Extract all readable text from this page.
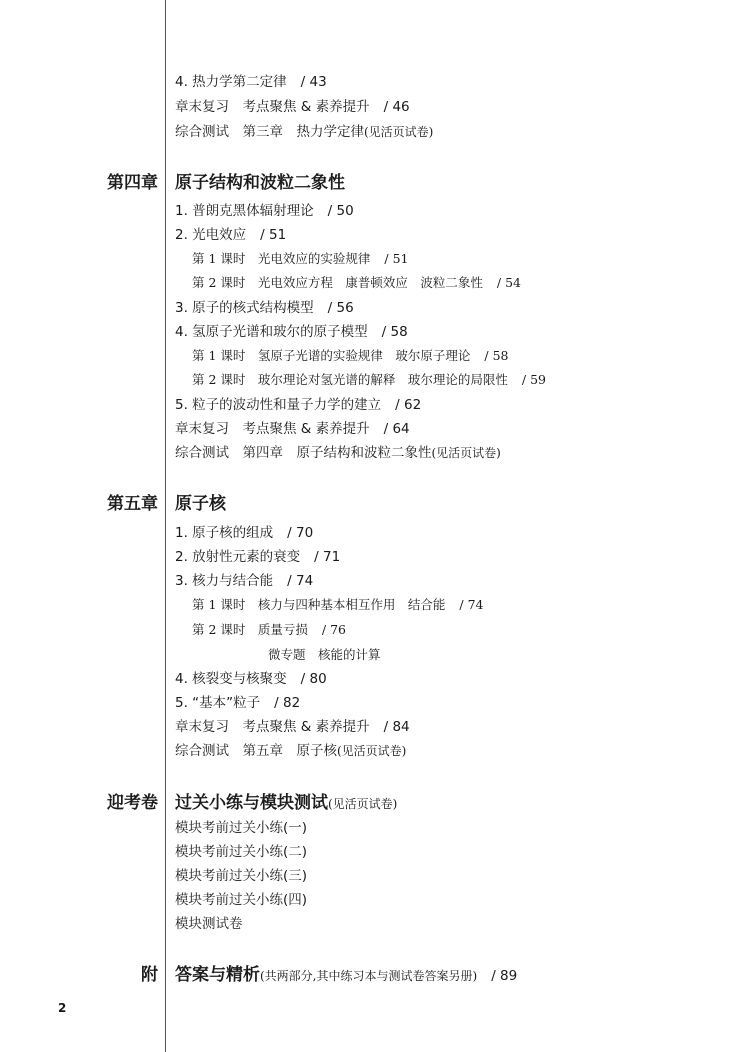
4. 热力学第二定律 / 43
章末复习　考点聚焦 & 素养提升 / 46
综合测试　第三章　热力学定律(见活页试卷)
第四章 原子结构和波粒二象性
1. 普朗克黑体辐射理论 / 50
2. 光电效应 / 51
第 1 课时　光电效应的实验规律 / 51
第 2 课时　光电效应方程　康普顿效应　波粒二象性 / 54
3. 原子的核式结构模型 / 56
4. 氢原子光谱和玻尔的原子模型 / 58
第 1 课时　氢原子光谱的实验规律　玻尔原子理论 / 58
第 2 课时　玻尔理论对氢光谱的解释　玻尔理论的局限性 / 59
5. 粒子的波动性和量子力学的建立 / 62
章末复习　考点聚焦 & 素养提升 / 64
综合测试　第四章　原子结构和波粒二象性(见活页试卷)
第五章 原子核
1. 原子核的组成 / 70
2. 放射性元素的衰变 / 71
3. 核力与结合能 / 74
第 1 课时　核力与四种基本相互作用　结合能 / 74
第 2 课时　质量亏损 / 76
微专题　核能的计算
4. 核裂变与核聚变 / 80
5. “基本”粒子 / 82
章末复习　考点聚焦 & 素养提升 / 84
综合测试　第五章　原子核(见活页试卷)
迎考卷 过关小练与模块测试(见活页试卷)
模块考前过关小练(一)
模块考前过关小练(二)
模块考前过关小练(三)
模块考前过关小练(四)
模块测试卷
附 答案与精析(共两部分,其中练习本与测试卷答案另册) / 89
2
